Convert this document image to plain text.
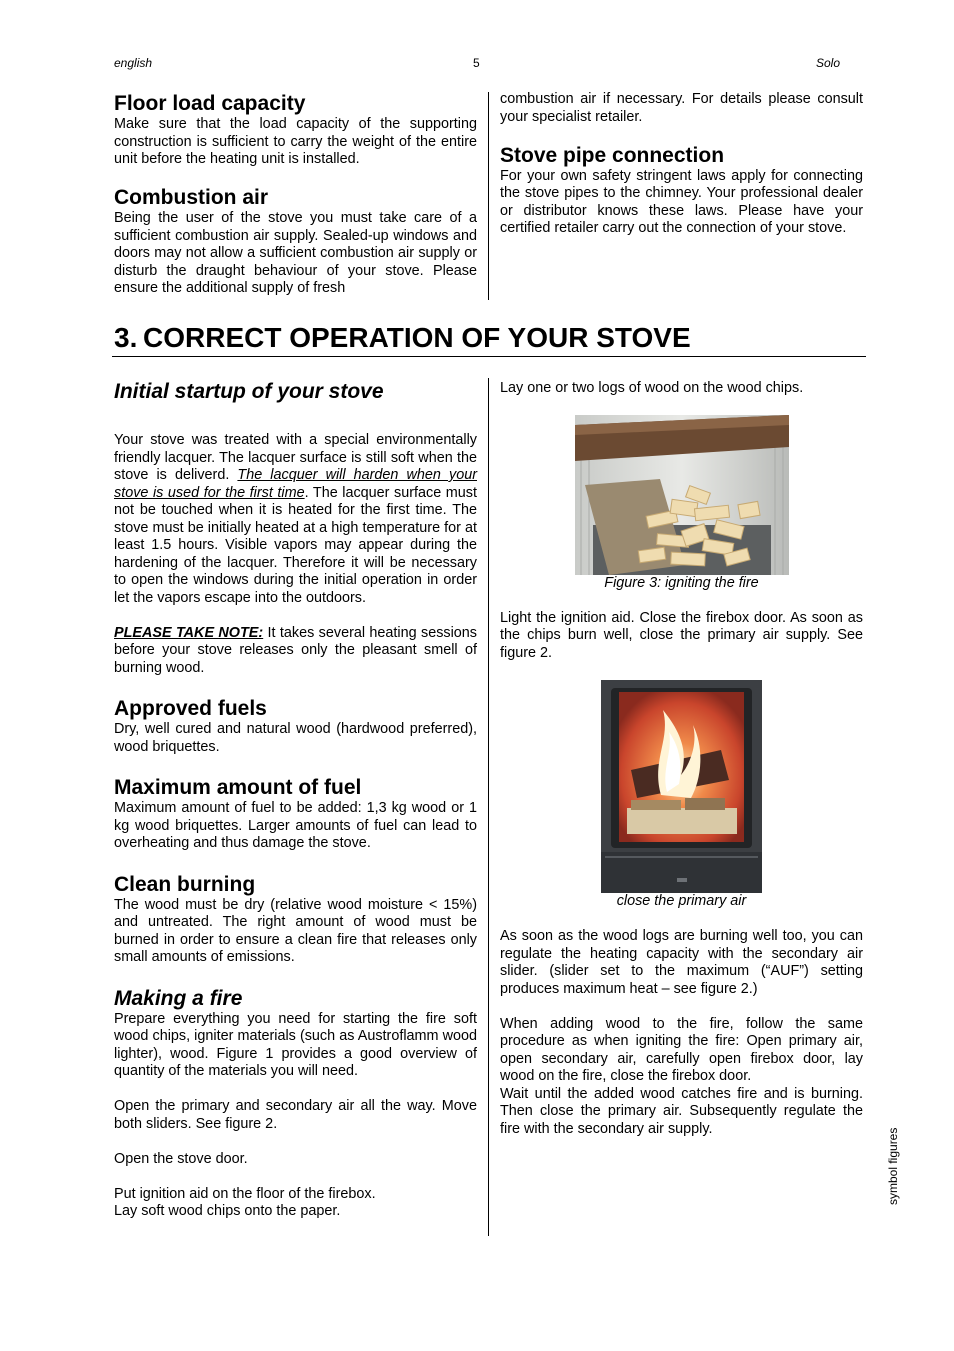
english	5	Solo
Floor load capacity

Make sure that the load capacity of the supporting construction is sufficient to carry the weight of the entire unit before the heating unit is installed.

Combustion air

Being the user of the stove you must take care of a sufficient combustion air supply. Sealed-up windows and doors may not allow a sufficient combustion air supply or disturb the draught behaviour of your stove. Please ensure the additional supply of fresh

combustion air if necessary. For details please consult your specialist retailer.

Stove pipe connection

For your own safety stringent laws apply for connecting the stove pipes to the chimney. Your professional dealer or distributor knows these laws. Please have your certified retailer carry out the connection of your stove.

3. CORRECT OPERATION OF YOUR STOVE
Initial startup of your stove

Your stove was treated with a special environmentally friendly lacquer. The lacquer surface is still soft when the stove is deliverd. The lacquer will harden when your stove is used for the first time. The lacquer surface must not be touched when it is heated for the first time. The stove must be initially heated at a high temperature for at least 1.5 hours. Visible vapors may appear during the hardening of the lacquer. Therefore it will be necessary to open the windows during the initial operation in order let the vapors escape into the outdoors.

PLEASE TAKE NOTE: It takes several heating sessions before your stove releases only the pleasant smell of burning wood.

Approved fuels

Dry, well cured and natural wood (hardwood preferred), wood briquettes.

Maximum amount of fuel

Maximum amount of fuel to be added: 1,3 kg wood or 1 kg wood briquettes. Larger amounts of fuel can lead to overheating and thus damage the stove.

Clean burning

The wood must be dry (relative wood moisture < 15%) and untreated. The right amount of wood must be burned in order to ensure a clean fire that releases only small amounts of emissions.

Making a fire

Prepare everything you need for starting the fire soft wood chips, igniter materials (such as Austroflamm wood lighter), wood. Figure 1 provides a good overview of quantity of the materials you will need.

Open the primary and secondary air all the way. Move both sliders. See figure 2.

Open the stove door.

Put ignition aid on the floor of the firebox.

Lay soft wood chips onto the paper.

Lay one or two logs of wood on the wood chips.

Figure 3: igniting the fire

Light the ignition aid. Close the firebox door. As soon as the chips burn well, close the primary air supply. See figure 2.

close the primary air

As soon as the wood logs are burning well too, you can regulate the heating capacity with the secondary air slider. (slider set to the maximum (“AUF”) setting produces maximum heat – see figure 2.)

When adding wood to the fire, follow the same procedure as when igniting the fire: Open primary air, open secondary air, carefully open firebox door, lay wood on the fire, close the firebox door.

Wait until the added wood catches fire and is burning. Then close the primary air. Subsequently regulate the fire with the secondary air supply.	symbol figures
